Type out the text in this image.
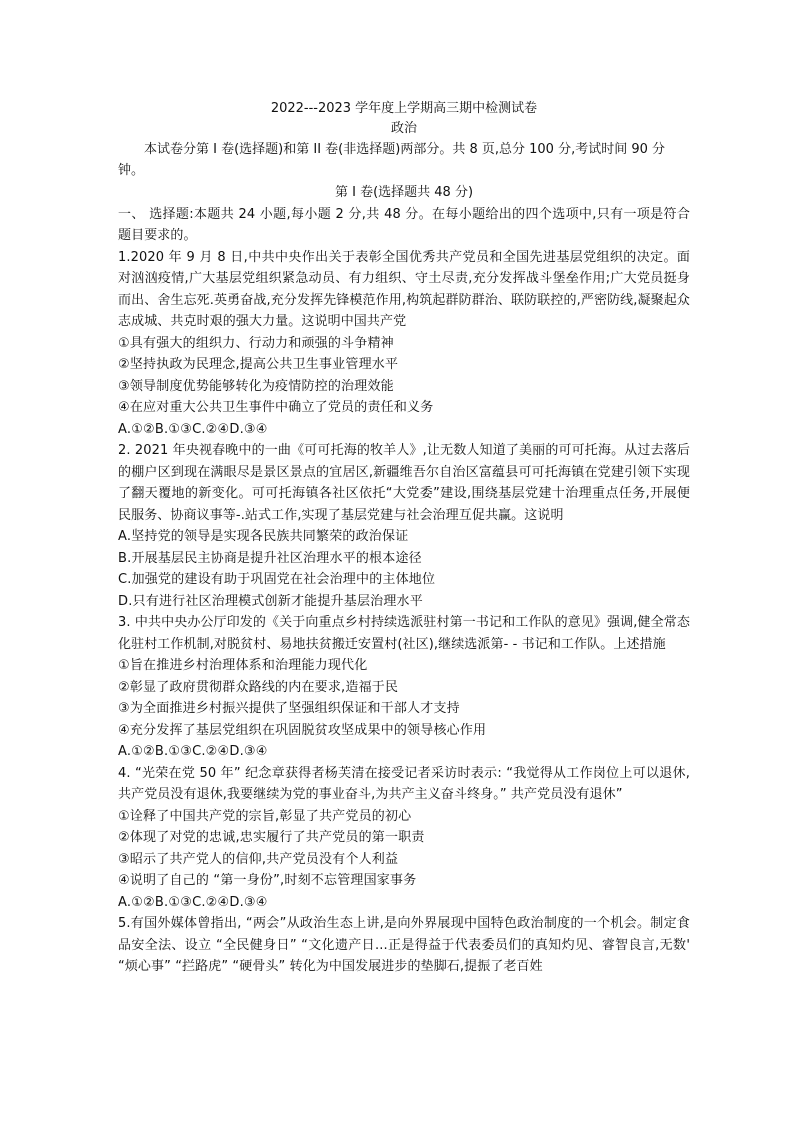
2022---2023 学年度上学期高三期中检测试卷
政治
本试卷分第 I 卷(选择题)和第 II 卷(非选择题)两部分。共 8 页,总分 100 分,考试时间 90 分钟。
第 I 卷(选择题共 48 分)
一、 选择题:本题共 24 小题,每小题 2 分,共 48 分。在每小题给出的四个选项中,只有一项是符合题目要求的。
1.2020 年 9 月 8 日,中共中央作出关于表彰全国优秀共产党员和全国先进基层党组织的决定。面对汹汹疫情,广大基层党组织紧急动员、有力组织、守土尽责,充分发挥战斗堡垒作用;广大党员挺身而出、舍生忘死.英勇奋战,充分发挥先锋模范作用,构筑起群防群治、联防联控的,严密防线,凝聚起众志成城、共克时艰的强大力量。这说明中国共产党
①具有强大的组织力、行动力和顽强的斗争精神
②坚持执政为民理念,提高公共卫生事业管理水平
③领导制度优势能够转化为疫情防控的治理效能
④在应对重大公共卫生事件中确立了党员的责任和义务
A.①②B.①③C.②④D.③④
2. 2021 年央视春晚中的一曲《可可托海的牧羊人》,让无数人知道了美丽的可可托海。从过去落后的棚户区到现在满眼尽是景区景点的宜居区,新疆维吾尔自治区富蕴县可可托海镇在党建引领下实现了翻天覆地的新变化。可可托海镇各社区依托“大党委”建设,围绕基层党建十治理重点任务,开展便民服务、协商议事等-.站式工作,实现了基层党建与社会治理互促共赢。这说明
A.坚持党的领导是实现各民族共同繁荣的政治保证
B.开展基层民主协商是提升社区治理水平的根本途径
C.加强党的建设有助于巩固党在社会治理中的主体地位
D.只有进行社区治理模式创新才能提升基层治理水平
3. 中共中央办公厅印发的《关于向重点乡村持续选派驻村第一书记和工作队的意见》强调,健全常态化驻村工作机制,对脱贫村、易地扶贫搬迁安置村(社区),继续选派第- - 书记和工作队。上述措施
①旨在推进乡村治理体系和治理能力现代化
②彰显了政府贯彻群众路线的内在要求,造福于民
③为全面推进乡村振兴提供了坚强组织保证和干部人才支持
④充分发挥了基层党组织在巩固脱贫攻坚成果中的领导核心作用
A.①②B.①③C.②④D.③④
4. “光荣在党 50 年” 纪念章获得者杨芙清在接受记者采访时表示: “我觉得从工作岗位上可以退休,共产党员没有退休,我要继续为党的事业奋斗,为共产主义奋斗终身。” 共产党员没有退休”
①诠释了中国共产党的宗旨,彰显了共产党员的初心
②体现了对党的忠诚,忠实履行了共产党员的第一职责
③昭示了共产党人的信仰,共产党员没有个人利益
④说明了自己的 “第一身份”,时刻不忘管理国家事务
A.①②B.①③C.②④D.③④
5.有国外媒体曾指出, “两会”从政治生态上讲,是向外界展现中国特色政治制度的一个机会。制定食品安全法、设立 “全民健身日” “文化遗产日...正是得益于代表委员们的真知灼见、睿智良言,无数' “烦心事” “拦路虎” “硬骨头” 转化为中国发展进步的垫脚石,提振了老百姓
